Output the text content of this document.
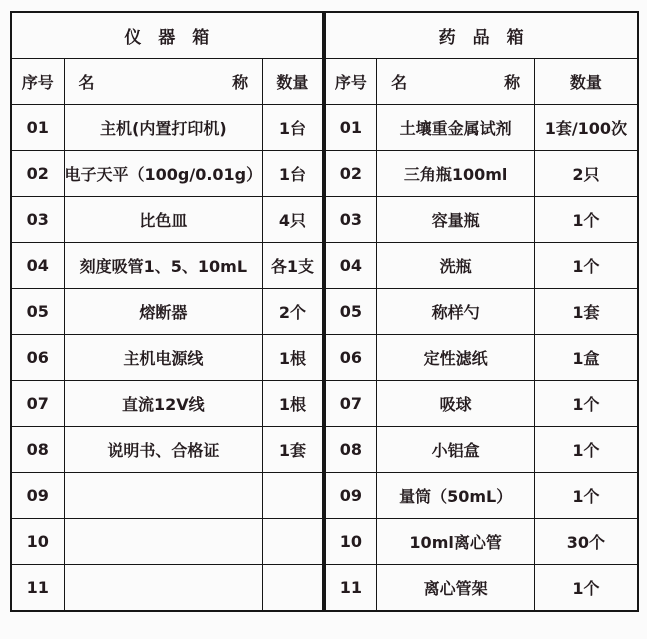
仪　器　箱		
序号	名 称	数量
01	主机(内置打印机)	1台
02	电子天平（100g/0.01g）	1台
03	比色皿	4只
04	刻度吸管1、5、10mL	各1支
05	熔断器	2个
06	主机电源线	1根
07	直流12V线	1根
08	说明书、合格证	1套
09		
10		
11		
药　品　箱		
序号	名 称	数量
01	土壤重金属试剂	1套/100次
02	三角瓶100ml	2只
03	容量瓶	1个
04	洗瓶	1个
05	称样勺	1套
06	定性滤纸	1盒
07	吸球	1个
08	小铝盒	1个
09	量筒（50mL）	1个
10	10ml离心管	30个
11	离心管架	1个
